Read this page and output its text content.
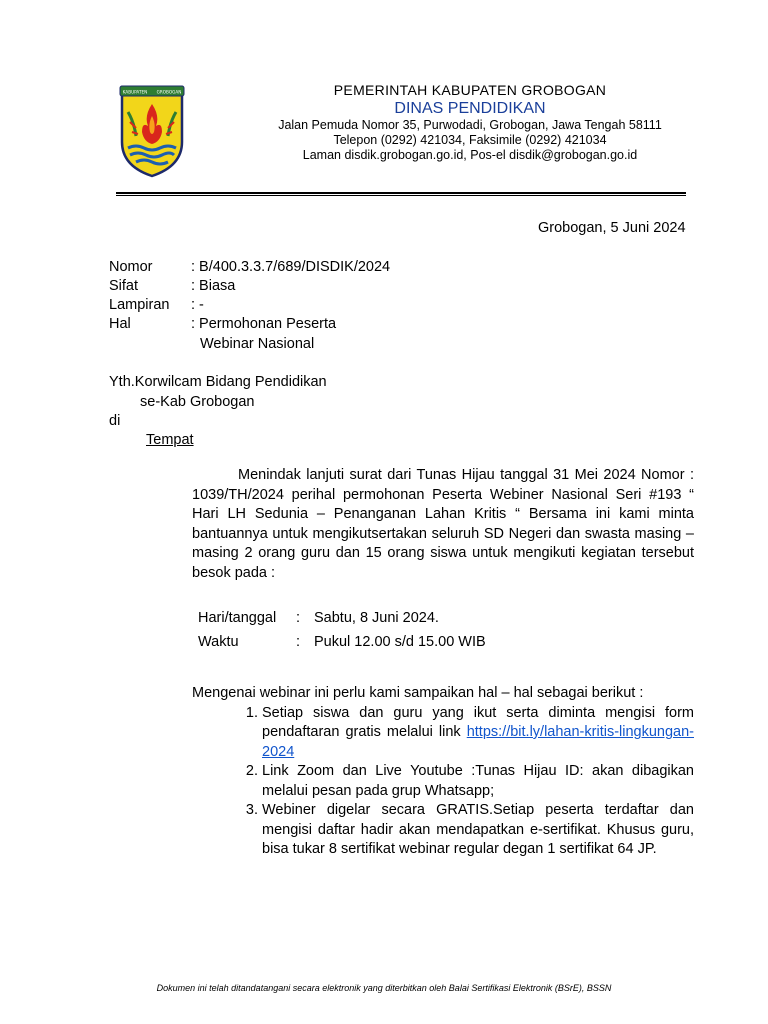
KABUPATEN GROBOGAN	PEMERINTAH KABUPATEN GROBOGAN
DINAS PENDIDIKAN
Jalan Pemuda Nomor 35, Purwodadi, Grobogan, Jawa Tengah 58111
Telepon (0292) 421034, Faksimile (0292) 421034
Laman disdik.grobogan.go.id, Pos-el disdik@grobogan.go.id
Grobogan, 5 Juni 2024
Nomor	: B/400.3.3.7/689/DISDIK/2024
Sifat	: Biasa
Lampiran : -
Hal	: Permohonan Peserta
Webinar Nasional
Yth.Korwilcam Bidang Pendidikan
se-Kab Grobogan
di
Tempat
Menindak lanjuti surat dari Tunas Hijau tanggal 31 Mei 2024 Nomor : 1039/TH/2024 perihal permohonan Peserta Webiner Nasional Seri #193 “ Hari LH Sedunia – Penanganan Lahan Kritis “ Bersama ini kami minta bantuannya untuk mengikutsertakan seluruh SD Negeri dan swasta masing – masing 2 orang guru dan 15 orang siswa untuk mengikuti kegiatan tersebut besok pada :
Hari/tanggal : Sabtu, 8 Juni 2024.
Waktu	: Pukul 12.00 s/d 15.00 WIB
Mengenai webinar ini perlu kami sampaikan hal – hal sebagai berikut :
1. Setiap siswa dan guru yang ikut serta diminta mengisi form pendaftaran gratis melalui link https://bit.ly/lahan-kritis-lingkungan-2024
2. Link Zoom dan Live Youtube :Tunas Hijau ID: akan dibagikan melalui pesan pada grup Whatsapp;
3. Webiner digelar secara GRATIS.Setiap peserta terdaftar dan mengisi daftar hadir akan mendapatkan e-sertifikat. Khusus guru, bisa tukar 8 sertifikat webinar regular degan 1 sertifikat 64 JP.
Dokumen ini telah ditandatangani secara elektronik yang diterbitkan oleh Balai Sertifikasi Elektronik (BSrE), BSSN
